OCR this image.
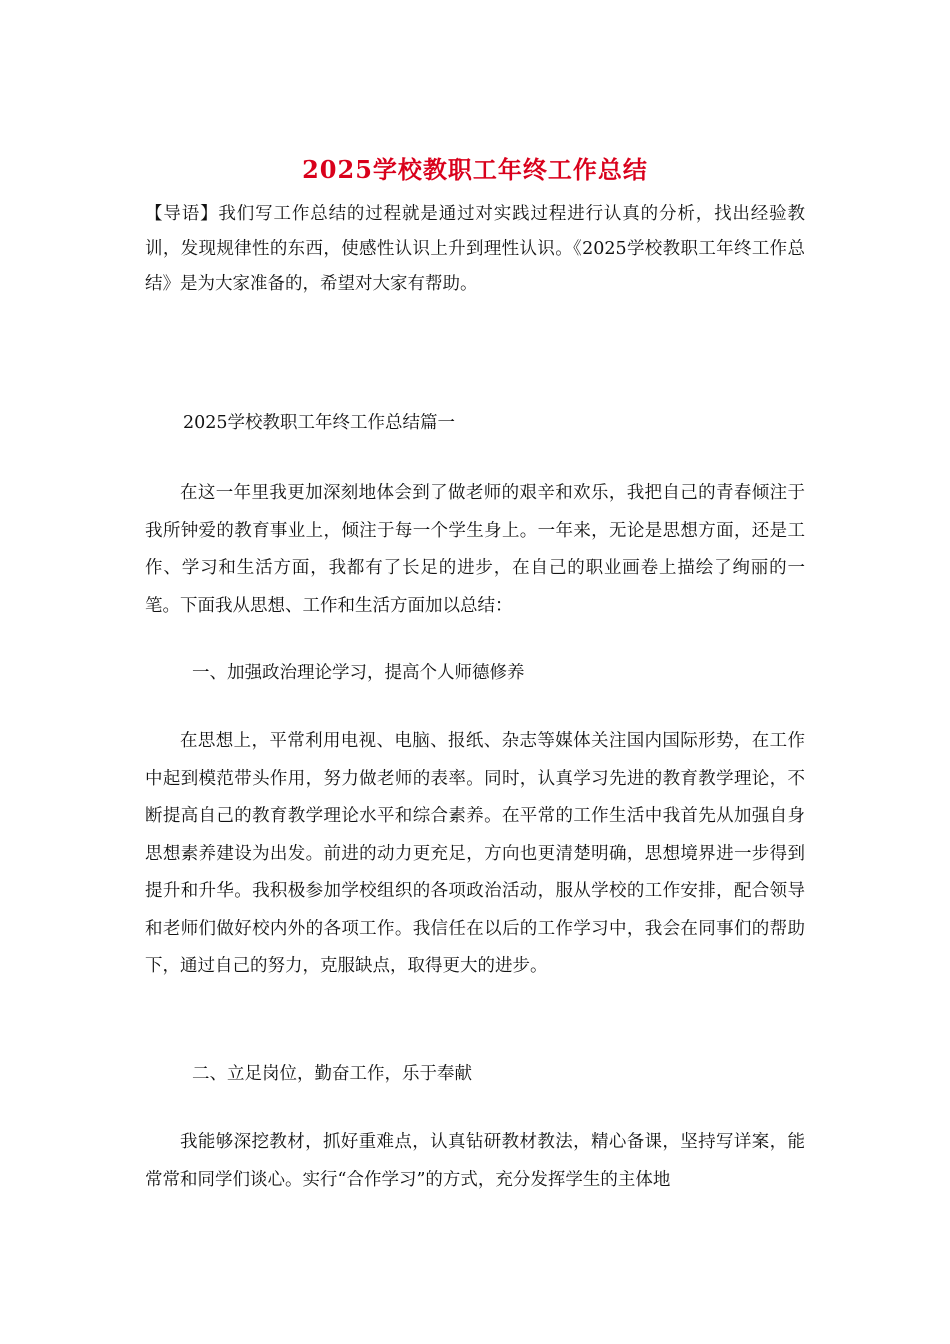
2025学校教职工年终工作总结

【导语】我们写工作总结的过程就是通过对实践过程进行认真的分析，找出经验教训，发现规律性的东西，使感性认识上升到理性认识。《2025学校教职工年终工作总结》是为大家准备的，希望对大家有帮助。

2025学校教职工年终工作总结篇一

在这一年里我更加深刻地体会到了做老师的艰辛和欢乐，我把自己的青春倾注于我所钟爱的教育事业上，倾注于每一个学生身上。一年来，无论是思想方面，还是工作、学习和生活方面，我都有了长足的进步，在自己的职业画卷上描绘了绚丽的一笔。下面我从思想、工作和生活方面加以总结：

一、加强政治理论学习，提高个人师德修养

在思想上，平常利用电视、电脑、报纸、杂志等媒体关注国内国际形势，在工作中起到模范带头作用，努力做老师的表率。同时，认真学习先进的教育教学理论，不断提高自己的教育教学理论水平和综合素养。在平常的工作生活中我首先从加强自身思想素养建设为出发。前进的动力更充足，方向也更清楚明确，思想境界进一步得到提升和升华。我积极参加学校组织的各项政治活动，服从学校的工作安排，配合领导和老师们做好校内外的各项工作。我信任在以后的工作学习中，我会在同事们的帮助下，通过自己的努力，克服缺点，取得更大的进步。

二、立足岗位，勤奋工作，乐于奉献

我能够深挖教材，抓好重难点，认真钻研教材教法，精心备课，坚持写详案，能常常和同学们谈心。实行“合作学习”的方式，充分发挥学生的主体地
